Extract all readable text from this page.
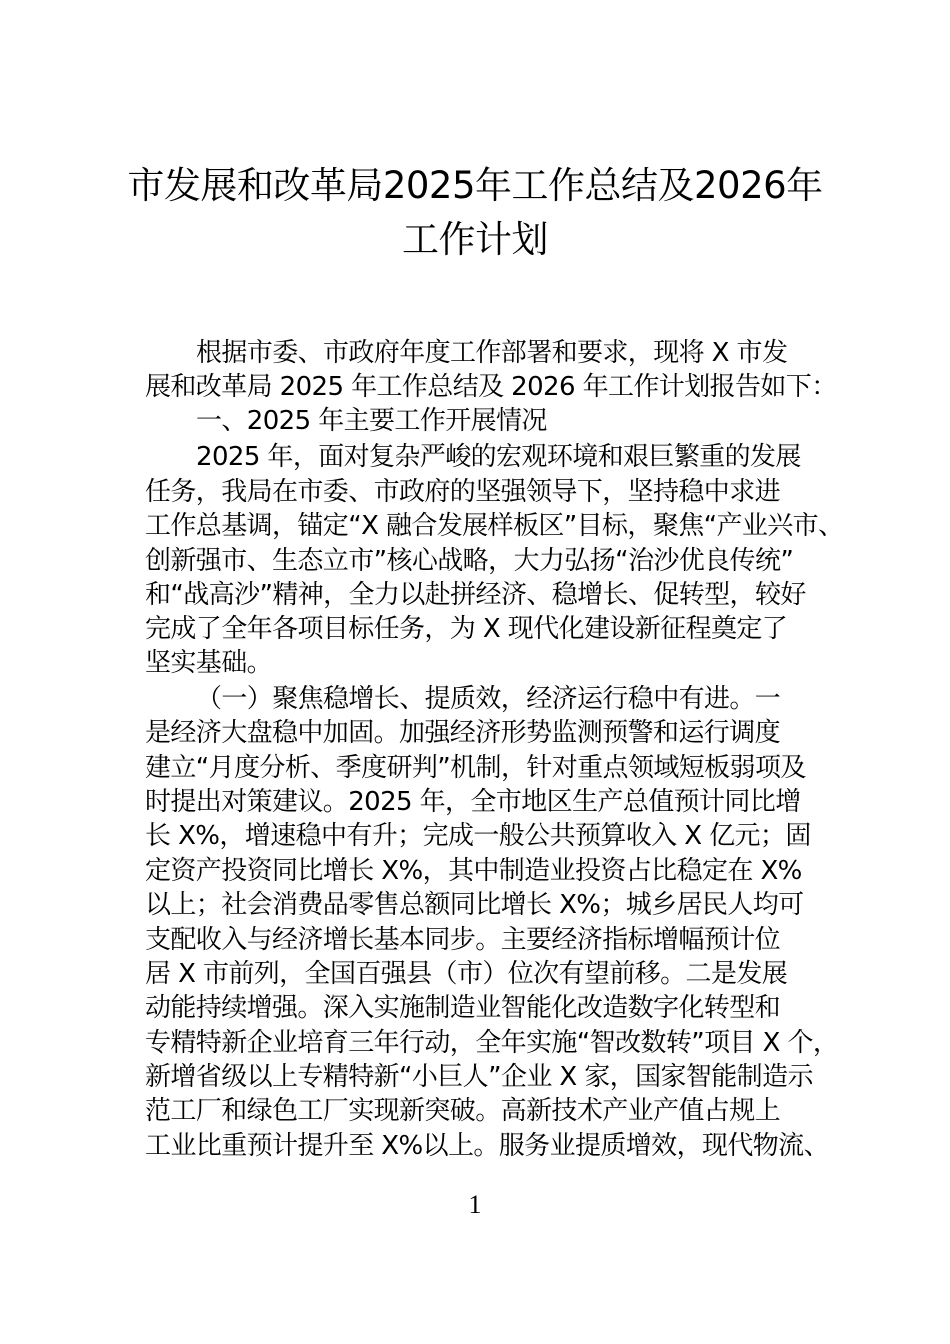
市发展和改革局2025年工作总结及2026年
工作计划
根据市委、市政府年度工作部署和要求，现将 X 市发
展和改革局 2025 年工作总结及 2026 年工作计划报告如下：
一、2025 年主要工作开展情况
2025 年，面对复杂严峻的宏观环境和艰巨繁重的发展
任务，我局在市委、市政府的坚强领导下，坚持稳中求进
工作总基调，锚定“X 融合发展样板区”目标，聚焦“产业兴市、
创新强市、生态立市”核心战略，大力弘扬“治沙优良传统”
和“战高沙”精神，全力以赴拼经济、稳增长、促转型，较好
完成了全年各项目标任务，为 X 现代化建设新征程奠定了
坚实基础。
（一）聚焦稳增长、提质效，经济运行稳中有进。一
是经济大盘稳中加固。加强经济形势监测预警和运行调度
建立“月度分析、季度研判”机制，针对重点领域短板弱项及
时提出对策建议。2025 年，全市地区生产总值预计同比增
长 X%，增速稳中有升；完成一般公共预算收入 X 亿元；固
定资产投资同比增长 X%，其中制造业投资占比稳定在 X%
以上；社会消费品零售总额同比增长 X%；城乡居民人均可
支配收入与经济增长基本同步。主要经济指标增幅预计位
居 X 市前列，全国百强县（市）位次有望前移。二是发展
动能持续增强。深入实施制造业智能化改造数字化转型和
专精特新企业培育三年行动，全年实施“智改数转”项目 X 个，
新增省级以上专精特新“小巨人”企业 X 家，国家智能制造示
范工厂和绿色工厂实现新突破。高新技术产业产值占规上
工业比重预计提升至 X%以上。服务业提质增效，现代物流、
1
